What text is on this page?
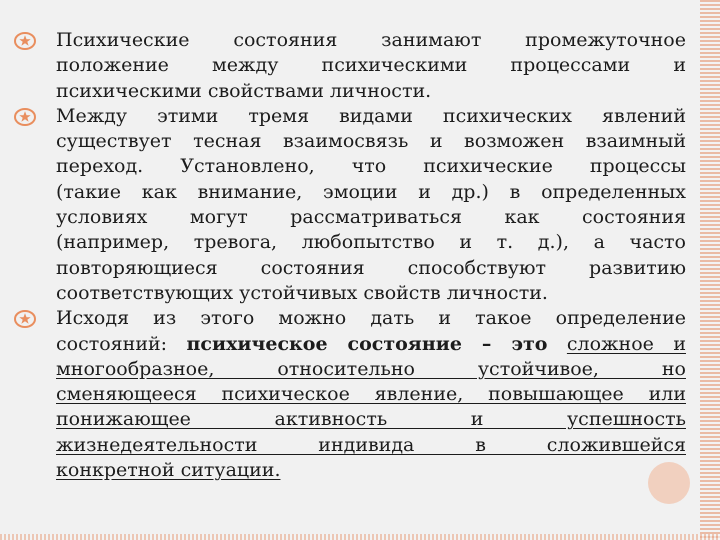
Психические состояния занимают промежуточное
положение между психическими процессами и
психическими свойствами личности.
Между этими тремя видами психических явлений
существует тесная взаимосвязь и возможен взаимный
переход. Установлено, что психические процессы
(такие как внимание, эмоции и др.) в определенных
условиях могут рассматриваться как состояния
(например, тревога, любопытство и т. д.), а часто
повторяющиеся состояния способствуют развитию
соответствующих устойчивых свойств личности.
Исходя из этого можно дать и такое определение
состояний: психическое состояние – это сложное и
многообразное, относительно устойчивое, но
сменяющееся психическое явление, повышающее или
понижающее активность и успешность
жизнедеятельности индивида в сложившейся
конкретной ситуации.
